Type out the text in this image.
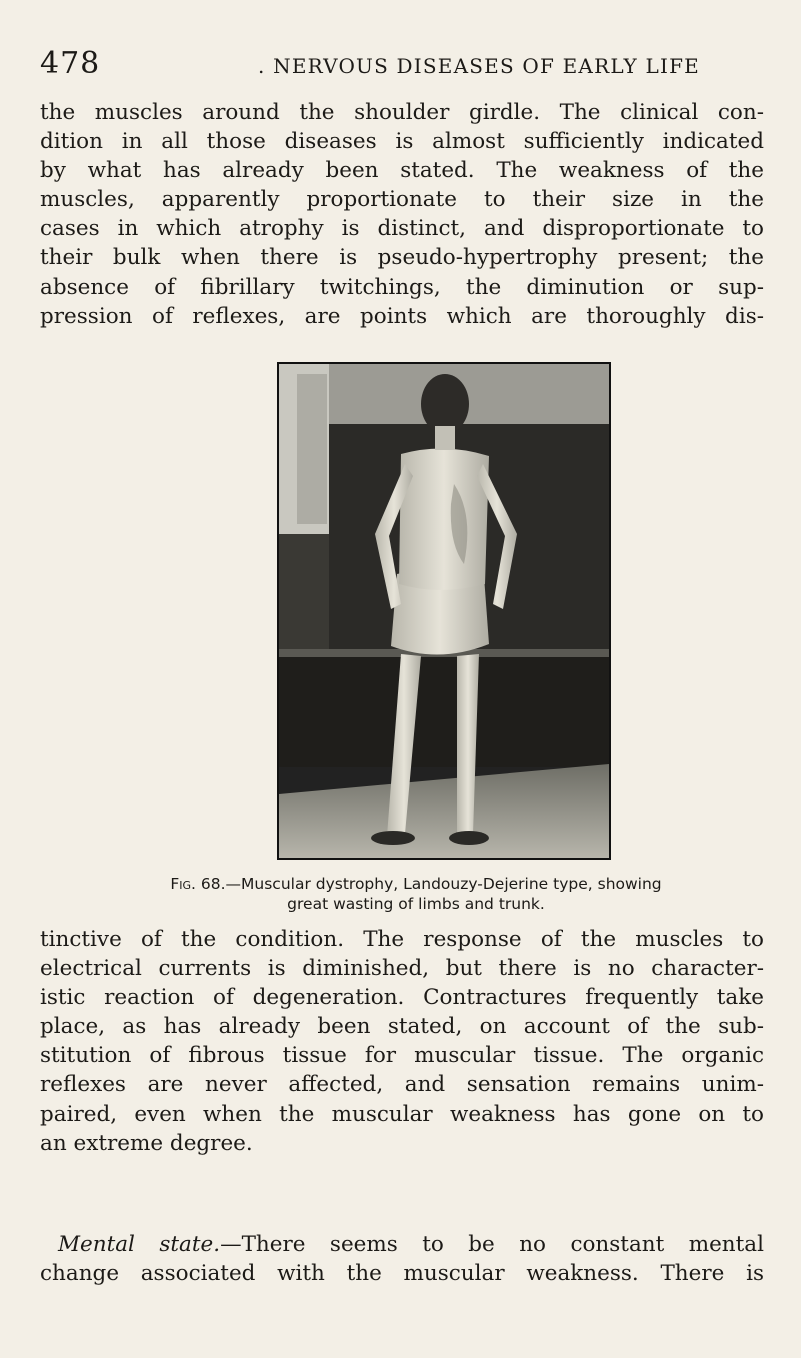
478	. NERVOUS DISEASES OF EARLY LIFE
the muscles around the shoulder girdle. The clinical con-
dition in all those diseases is almost sufficiently indicated
by what has already been stated. The weakness of the
muscles, apparently proportionate to their size in the
cases in which atrophy is distinct, and disproportionate to
their bulk when there is pseudo-hypertrophy present; the
absence of fibrillary twitchings, the diminution or sup-
pression of reflexes, are points which are thoroughly dis-
Fig. 68.—Muscular dystrophy, Landouzy-Dejerine type, showing
great wasting of limbs and trunk.
tinctive of the condition. The response of the muscles to
electrical currents is diminished, but there is no character-
istic reaction of degeneration. Contractures frequently take
place, as has already been stated, on account of the sub-
stitution of fibrous tissue for muscular tissue. The organic
reflexes are never affected, and sensation remains unim-
paired, even when the muscular weakness has gone on to
an extreme degree.
Mental state.—There seems to be no constant mental
change associated with the muscular weakness. There is
